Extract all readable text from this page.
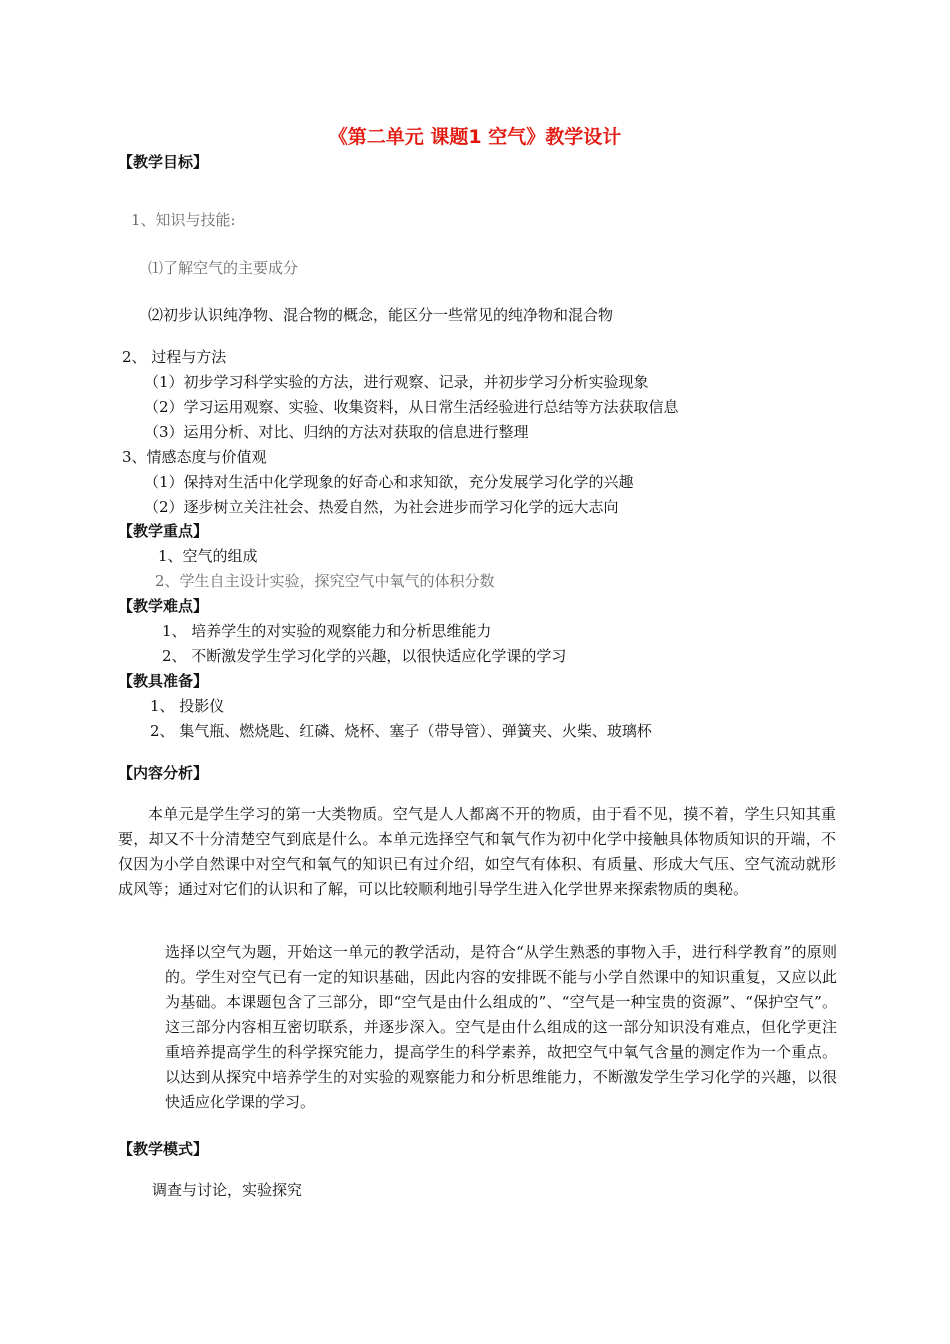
《第二单元 课题1 空气》教学设计
【教学目标】
1、知识与技能:
⑴了解空气的主要成分
⑵初步认识纯净物、混合物的概念，能区分一些常见的纯净物和混合物
2、 过程与方法
（1）初步学习科学实验的方法，进行观察、记录，并初步学习分析实验现象
（2）学习运用观察、实验、收集资料，从日常生活经验进行总结等方法获取信息
（3）运用分析、对比、归纳的方法对获取的信息进行整理
3、情感态度与价值观
（1）保持对生活中化学现象的好奇心和求知欲，充分发展学习化学的兴趣
（2）逐步树立关注社会、热爱自然，为社会进步而学习化学的远大志向
【教学重点】
1、空气的组成
2、学生自主设计实验，探究空气中氧气的体积分数
【教学难点】
1、 培养学生的对实验的观察能力和分析思维能力
2、 不断激发学生学习化学的兴趣，以很快适应化学课的学习
【教具准备】
1、 投影仪
2、 集气瓶、燃烧匙、红磷、烧杯、塞子（带导管）、弹簧夹、火柴、玻璃杯
【内容分析】
本单元是学生学习的第一大类物质。空气是人人都离不开的物质，由于看不见，摸不着，学生只知其重要，却又不十分清楚空气到底是什么。本单元选择空气和氧气作为初中化学中接触具体物质知识的开端，不仅因为小学自然课中对空气和氧气的知识已有过介绍，如空气有体积、有质量、形成大气压、空气流动就形成风等；通过对它们的认识和了解，可以比较顺利地引导学生进入化学世界来探索物质的奥秘。
选择以空气为题，开始这一单元的教学活动，是符合“从学生熟悉的事物入手，进行科学教育”的原则的。学生对空气已有一定的知识基础，因此内容的安排既不能与小学自然课中的知识重复，又应以此为基础。本课题包含了三部分，即“空气是由什么组成的”、“空气是一种宝贵的资源”、“保护空气”。这三部分内容相互密切联系，并逐步深入。空气是由什么组成的这一部分知识没有难点，但化学更注重培养提高学生的科学探究能力，提高学生的科学素养，故把空气中氧气含量的测定作为一个重点。以达到从探究中培养学生的对实验的观察能力和分析思维能力，不断激发学生学习化学的兴趣，以很快适应化学课的学习。
【教学模式】
调查与讨论，实验探究
